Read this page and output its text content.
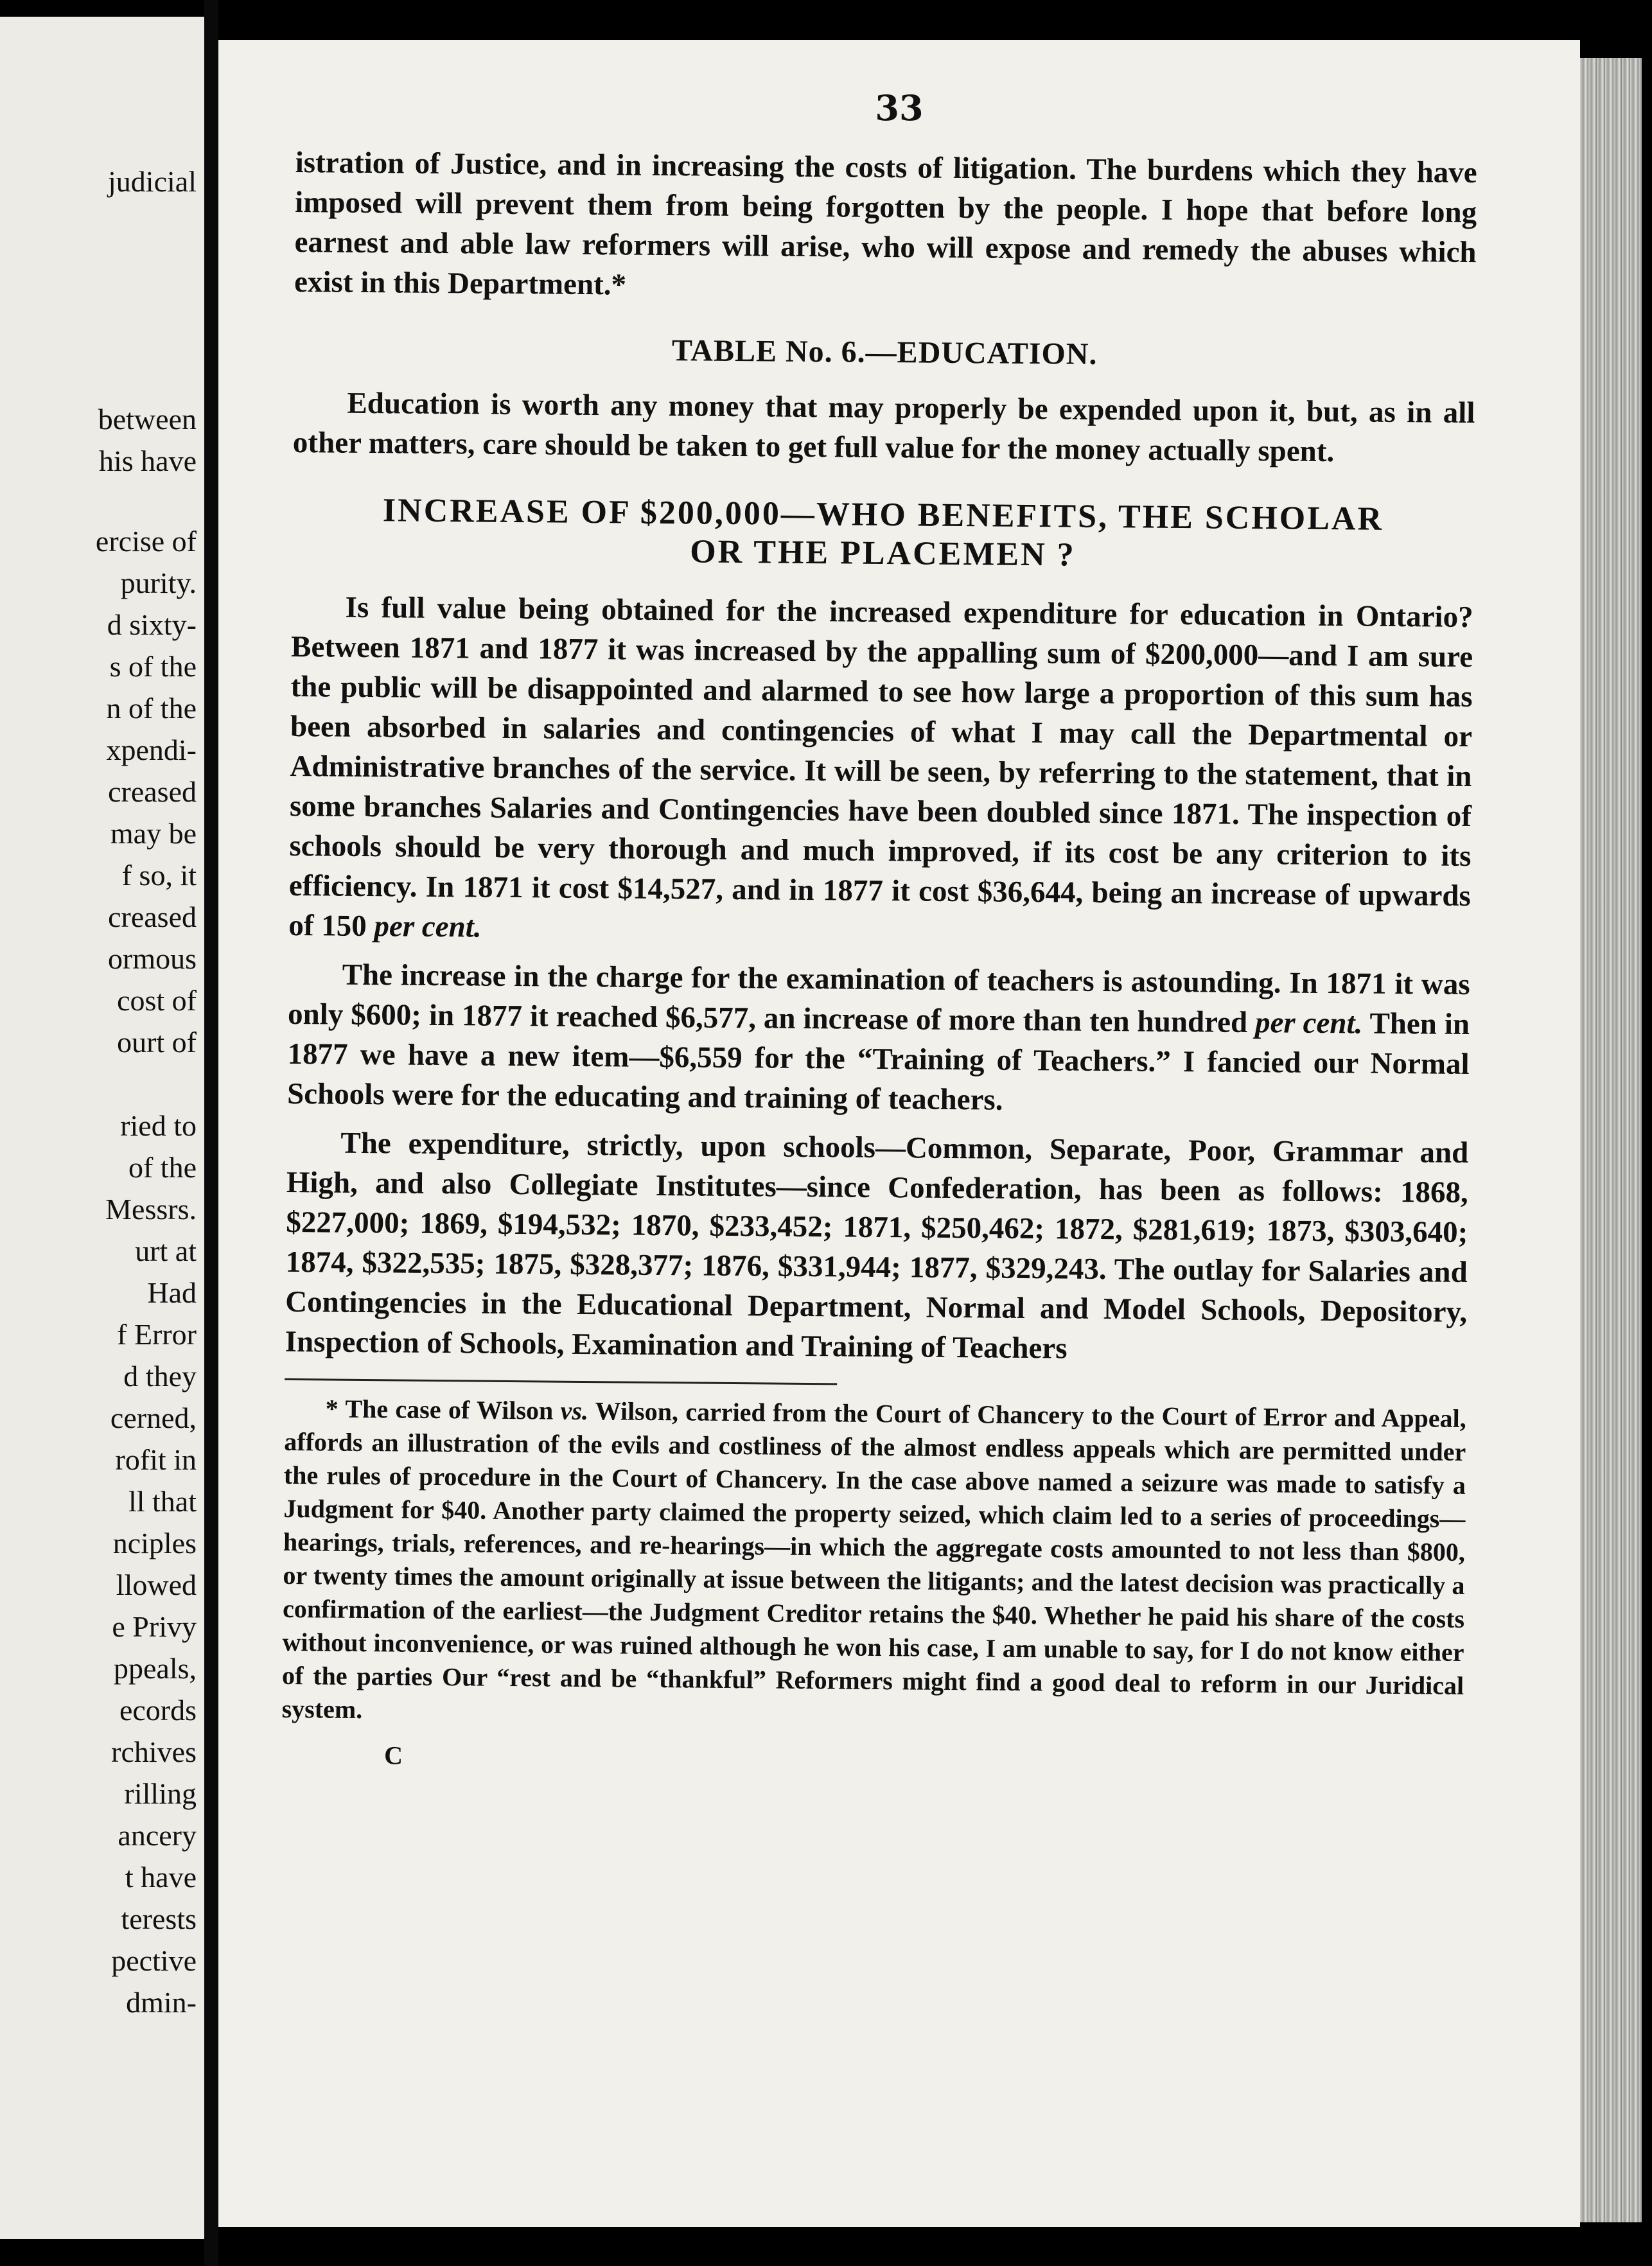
judicial
between
his have
ercise of
purity.
d sixty-
s of the
n of the
xpendi-
creased
may be
f so, it
creased
ormous
cost of
ourt of
ried to
of the
Messrs.
urt at
Had
f Error
d they
cerned,
rofit in
ll that
nciples
llowed
e Privy
ppeals,
ecords
rchives
rilling
ancery
t have
terests
pective
dmin-
33

istration of Justice, and in increasing the costs of litigation. The burdens which they have imposed will prevent them from being forgotten by the people. I hope that before long earnest and able law reformers will arise, who will expose and remedy the abuses which exist in this Department.*

TABLE No. 6.—EDUCATION.

Education is worth any money that may properly be expended upon it, but, as in all other matters, care should be taken to get full value for the money actually spent.

INCREASE OF $200,000—WHO BENEFITS, THE SCHOLAR
OR THE PLACEMEN ?

Is full value being obtained for the increased expenditure for education in Ontario? Between 1871 and 1877 it was increased by the appalling sum of $200,000—and I am sure the public will be disappointed and alarmed to see how large a proportion of this sum has been absorbed in salaries and contingencies of what I may call the Departmental or Administrative branches of the service. It will be seen, by referring to the statement, that in some branches Salaries and Contingencies have been doubled since 1871. The inspection of schools should be very thorough and much improved, if its cost be any criterion to its efficiency. In 1871 it cost $14,527, and in 1877 it cost $36,644, being an increase of upwards of 150 per cent.

The increase in the charge for the examination of teachers is astounding. In 1871 it was only $600; in 1877 it reached $6,577, an increase of more than ten hundred per cent. Then in 1877 we have a new item—$6,559 for the “Training of Teachers.” I fancied our Normal Schools were for the educating and training of teachers.

The expenditure, strictly, upon schools—Common, Separate, Poor, Grammar and High, and also Collegiate Institutes—since Confederation, has been as follows: 1868, $227,000; 1869, $194,532; 1870, $233,452; 1871, $250,462; 1872, $281,619; 1873, $303,640; 1874, $322,535; 1875, $328,377; 1876, $331,944; 1877, $329,243. The outlay for Salaries and Contingencies in the Educational Department, Normal and Model Schools, Depository, Inspection of Schools, Examination and Training of Teachers

* The case of Wilson vs. Wilson, carried from the Court of Chancery to the Court of Error and Appeal, affords an illustration of the evils and costliness of the almost endless appeals which are permitted under the rules of procedure in the Court of Chancery. In the case above named a seizure was made to satisfy a Judgment for $40. Another party claimed the property seized, which claim led to a series of proceedings—hearings, trials, references, and re-hearings—in which the aggregate costs amounted to not less than $800, or twenty times the amount originally at issue between the litigants; and the latest decision was practically a confirmation of the earliest—the Judgment Creditor retains the $40. Whether he paid his share of the costs without inconvenience, or was ruined although he won his case, I am unable to say, for I do not know either of the parties Our “rest and be “thankful” Reformers might find a good deal to reform in our Juridical system.

C
